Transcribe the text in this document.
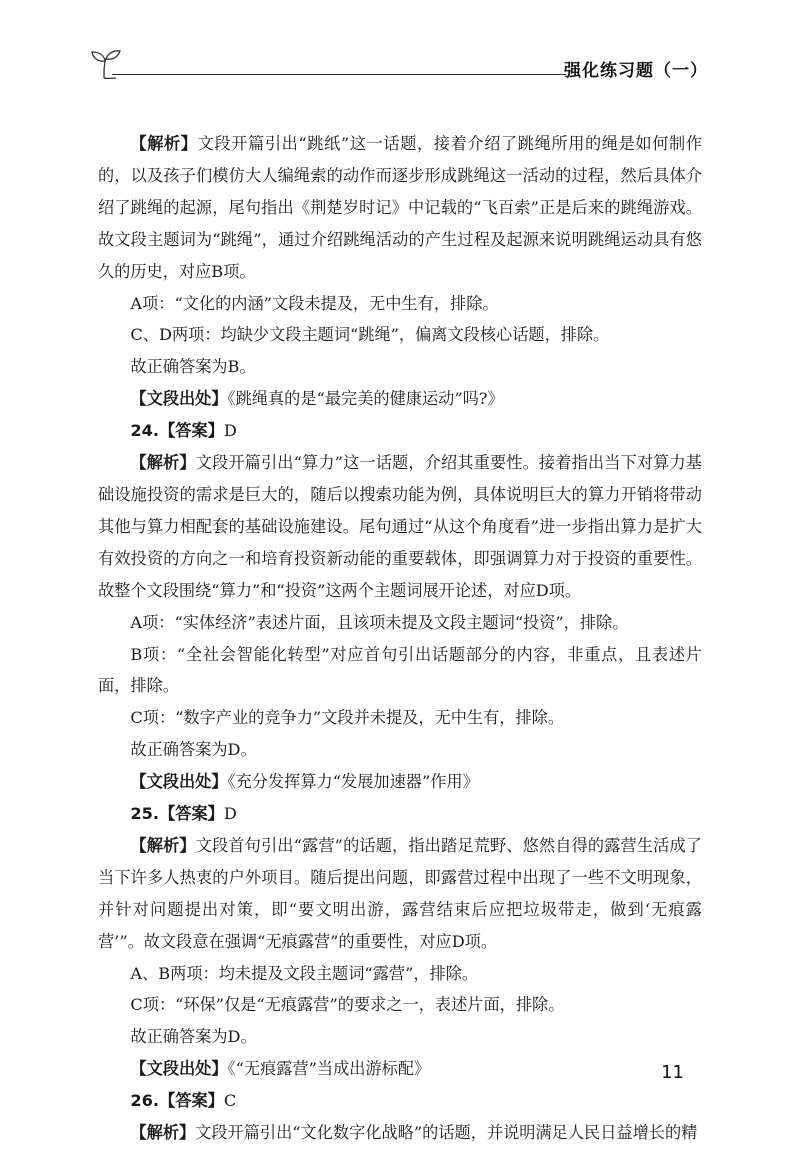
强化练习题（一）

【解析】文段开篇引出“跳纸”这一话题，接着介绍了跳绳所用的绳是如何制作的，以及孩子们模仿大人编绳索的动作而逐步形成跳绳这一活动的过程，然后具体介绍了跳绳的起源，尾句指出《荆楚岁时记》中记载的“飞百索”正是后来的跳绳游戏。故文段主题词为“跳绳”，通过介绍跳绳活动的产生过程及起源来说明跳绳运动具有悠久的历史，对应B项。

A项：“文化的内涵”文段未提及，无中生有，排除。

C、D两项：均缺少文段主题词“跳绳”，偏离文段核心话题，排除。

故正确答案为B。

【文段出处】《跳绳真的是“最完美的健康运动”吗?》

24.【答案】D

【解析】文段开篇引出“算力”这一话题，介绍其重要性。接着指出当下对算力基础设施投资的需求是巨大的，随后以搜索功能为例，具体说明巨大的算力开销将带动其他与算力相配套的基础设施建设。尾句通过“从这个角度看”进一步指出算力是扩大有效投资的方向之一和培育投资新动能的重要载体，即强调算力对于投资的重要性。故整个文段围绕“算力”和“投资”这两个主题词展开论述，对应D项。

A项：“实体经济”表述片面，且该项未提及文段主题词“投资”，排除。

B项：“全社会智能化转型”对应首句引出话题部分的内容，非重点，且表述片面，排除。

C项：“数字产业的竞争力”文段并未提及，无中生有，排除。

故正确答案为D。

【文段出处】《充分发挥算力“发展加速器”作用》

25.【答案】D

【解析】文段首句引出“露营”的话题，指出踏足荒野、悠然自得的露营生活成了当下许多人热衷的户外项目。随后提出问题，即露营过程中出现了一些不文明现象，并针对问题提出对策，即“要文明出游，露营结束后应把垃圾带走，做到‘无痕露营’”。故文段意在强调“无痕露营”的重要性，对应D项。

A、B两项：均未提及文段主题词“露营”，排除。

C项：“环保”仅是“无痕露营”的要求之一，表述片面，排除。

故正确答案为D。

【文段出处】《“无痕露营”当成出游标配》

26.【答案】C

【解析】文段开篇引出“文化数字化战略”的话题，并说明满足人民日益增长的精

11
